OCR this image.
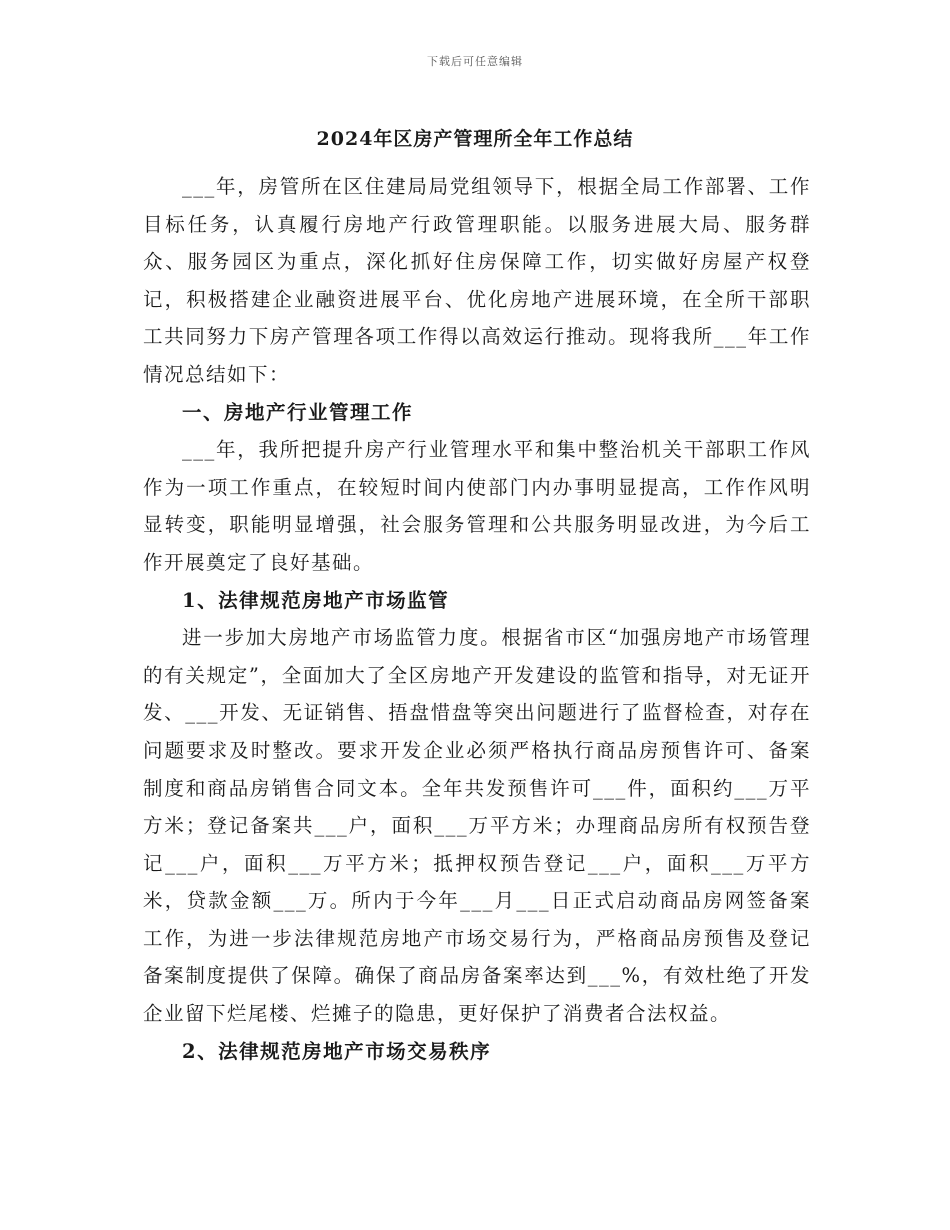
下载后可任意编辑
2024年区房产管理所全年工作总结

___年，房管所在区住建局局党组领导下，根据全局工作部署、工作目标任务，认真履行房地产行政管理职能。以服务进展大局、服务群众、服务园区为重点，深化抓好住房保障工作，切实做好房屋产权登记，积极搭建企业融资进展平台、优化房地产进展环境，在全所干部职工共同努力下房产管理各项工作得以高效运行推动。现将我所___年工作情况总结如下：

一、房地产行业管理工作

___年，我所把提升房产行业管理水平和集中整治机关干部职工作风作为一项工作重点，在较短时间内使部门内办事明显提高，工作作风明显转变，职能明显增强，社会服务管理和公共服务明显改进，为今后工作开展奠定了良好基础。

1、法律规范房地产市场监管

进一步加大房地产市场监管力度。根据省市区“加强房地产市场管理的有关规定”，全面加大了全区房地产开发建设的监管和指导，对无证开发、___开发、无证销售、捂盘惜盘等突出问题进行了监督检查，对存在问题要求及时整改。要求开发企业必须严格执行商品房预售许可、备案制度和商品房销售合同文本。全年共发预售许可___件，面积约___万平方米；登记备案共___户，面积___万平方米；办理商品房所有权预告登记___户，面积___万平方米；抵押权预告登记___户，面积___万平方米，贷款金额___万。所内于今年___月___日正式启动商品房网签备案工作，为进一步法律规范房地产市场交易行为，严格商品房预售及登记备案制度提供了保障。确保了商品房备案率达到___%，有效杜绝了开发企业留下烂尾楼、烂摊子的隐患，更好保护了消费者合法权益。

2、法律规范房地产市场交易秩序
